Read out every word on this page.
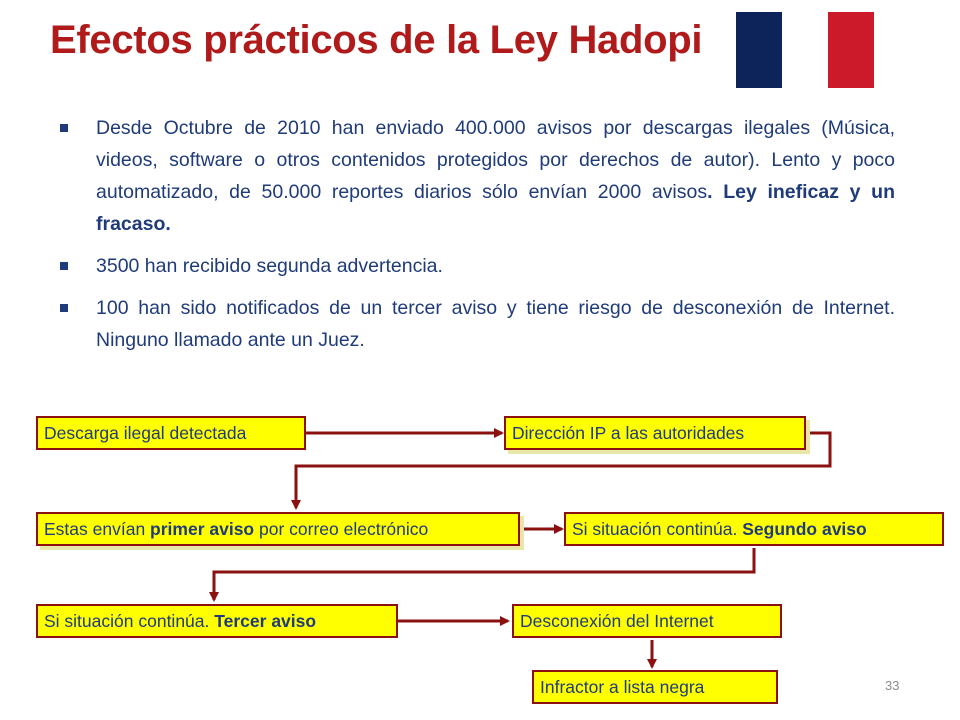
Efectos prácticos de la Ley Hadopi
Desde Octubre de 2010 han enviado 400.000 avisos por descargas ilegales (Música, videos, software o otros contenidos protegidos por derechos de autor). Lento y poco automatizado, de 50.000 reportes diarios sólo envían 2000 avisos. Ley ineficaz y un fracaso.
3500 han recibido segunda advertencia.
100 han sido notificados de un tercer aviso y tiene riesgo de desconexión de Internet. Ninguno llamado ante un Juez.
Descarga ilegal detectada	Dirección IP a las autoridades
Estas envían primer aviso por correo electrónico	Si situación continúa. Segundo aviso
Si situación continúa. Tercer aviso	Desconexión del Internet
Infractor a lista negra	33
